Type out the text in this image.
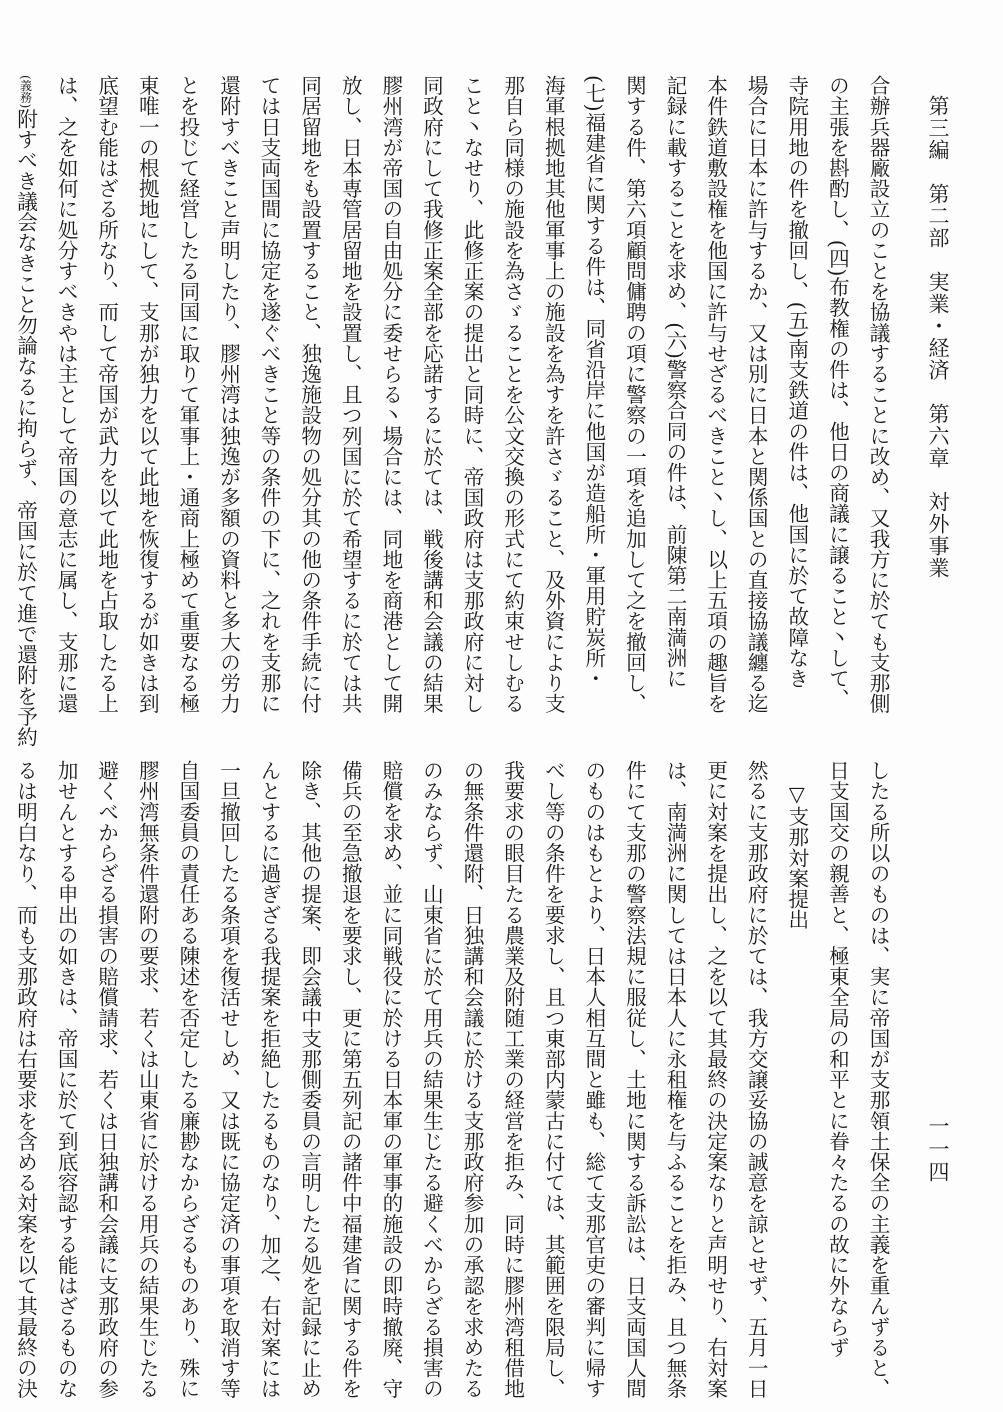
第三編　第二部　実業・経済　第六章　対外事業
一一四
合辦兵器廠設立のことを協議することに改め、又我方に於ても支那側
の主張を斟酌し、(四)布教権の件は、他日の商議に譲ること丶して、
寺院用地の件を撤回し、(五)南支鉄道の件は、他国に於て故障なき
場合に日本に許与するか、又は別に日本と関係国との直接協議纏る迄
本件鉄道敷設権を他国に許与せざるべきこと丶し、以上五項の趣旨を
記録に載することを求め、(六)警察合同の件は、前陳第二南満洲に
関する件、第六項顧問傭聘の項に警察の一項を追加して之を撤回し、
(七)福建省に関する件は、同省沿岸に他国が造船所・軍用貯炭所・
海軍根拠地其他軍事上の施設を為すを許さゞること、及外資により支
那自ら同様の施設を為さゞることを公文交換の形式にて約束せしむる
こと丶なせり、此修正案の提出と同時に、帝国政府は支那政府に対し
同政府にして我修正案全部を応諾するに於ては、戦後講和会議の結果
膠州湾が帝国の自由処分に委せらる丶場合には、同地を商港として開
放し、日本専管居留地を設置し、且つ列国に於て希望するに於ては共
同居留地をも設置すること、独逸施設物の処分其の他の条件手続に付
ては日支両国間に協定を遂ぐべきこと等の条件の下に、之れを支那に
還附すべきこと声明したり、膠州湾は独逸が多額の資料と多大の労力
とを投じて経営したる同国に取りて軍事上・通商上極めて重要なる極
東唯一の根拠地にして、支那が独力を以て此地を恢復するが如きは到
底望む能はざる所なり、而して帝国が武力を以て此地を占取したる上
は、之を如何に処分すべきやは主として帝国の意志に属し、支那に還
(義務)附すべき議会なきこと勿論なるに拘らず、帝国に於て進で還附を予約
したる所以のものは、実に帝国が支那領土保全の主義を重んずると、
日支国交の親善と、極東全局の和平とに眷々たるの故に外ならず
▽支那対案提出
然るに支那政府に於ては、我方交譲妥協の誠意を諒とせず、五月一日
更に対案を提出し、之を以て其最終の決定案なりと声明せり、右対案
は、南満洲に関しては日本人に永租権を与ふることを拒み、且つ無条
件にて支那の警察法規に服従し、土地に関する訴訟は、日支両国人間
のものはもとより、日本人相互間と雖も、総て支那官吏の審判に帰す
べし等の条件を要求し、且つ東部内蒙古に付ては、其範囲を限局し、
我要求の眼目たる農業及附随工業の経営を拒み、同時に膠州湾租借地
の無条件還附、日独講和会議に於ける支那政府参加の承認を求めたる
のみならず、山東省に於て用兵の結果生じたる避くべからざる損害の
賠償を求め、並に同戦役に於ける日本軍の軍事的施設の即時撤廃、守
備兵の至急撤退を要求し、更に第五列記の諸件中福建省に関する件を
除き、其他の提案、即会議中支那側委員の言明したる処を記録に止め
んとするに過ぎざる我提案を拒絶したるものなり、加之、右対案には
一旦撤回したる条項を復活せしめ、又は既に協定済の事項を取消す等
自国委員の責任ある陳述を否定したる廉尠なからざるものあり、殊に
膠州湾無条件還附の要求、若くは山東省に於ける用兵の結果生じたる
避くべからざる損害の賠償請求、若くは日独講和会議に支那政府の参
加せんとする申出の如きは、帝国に於て到底容認する能はざるものな
るは明白なり、而も支那政府は右要求を含める対案を以て其最終の決
